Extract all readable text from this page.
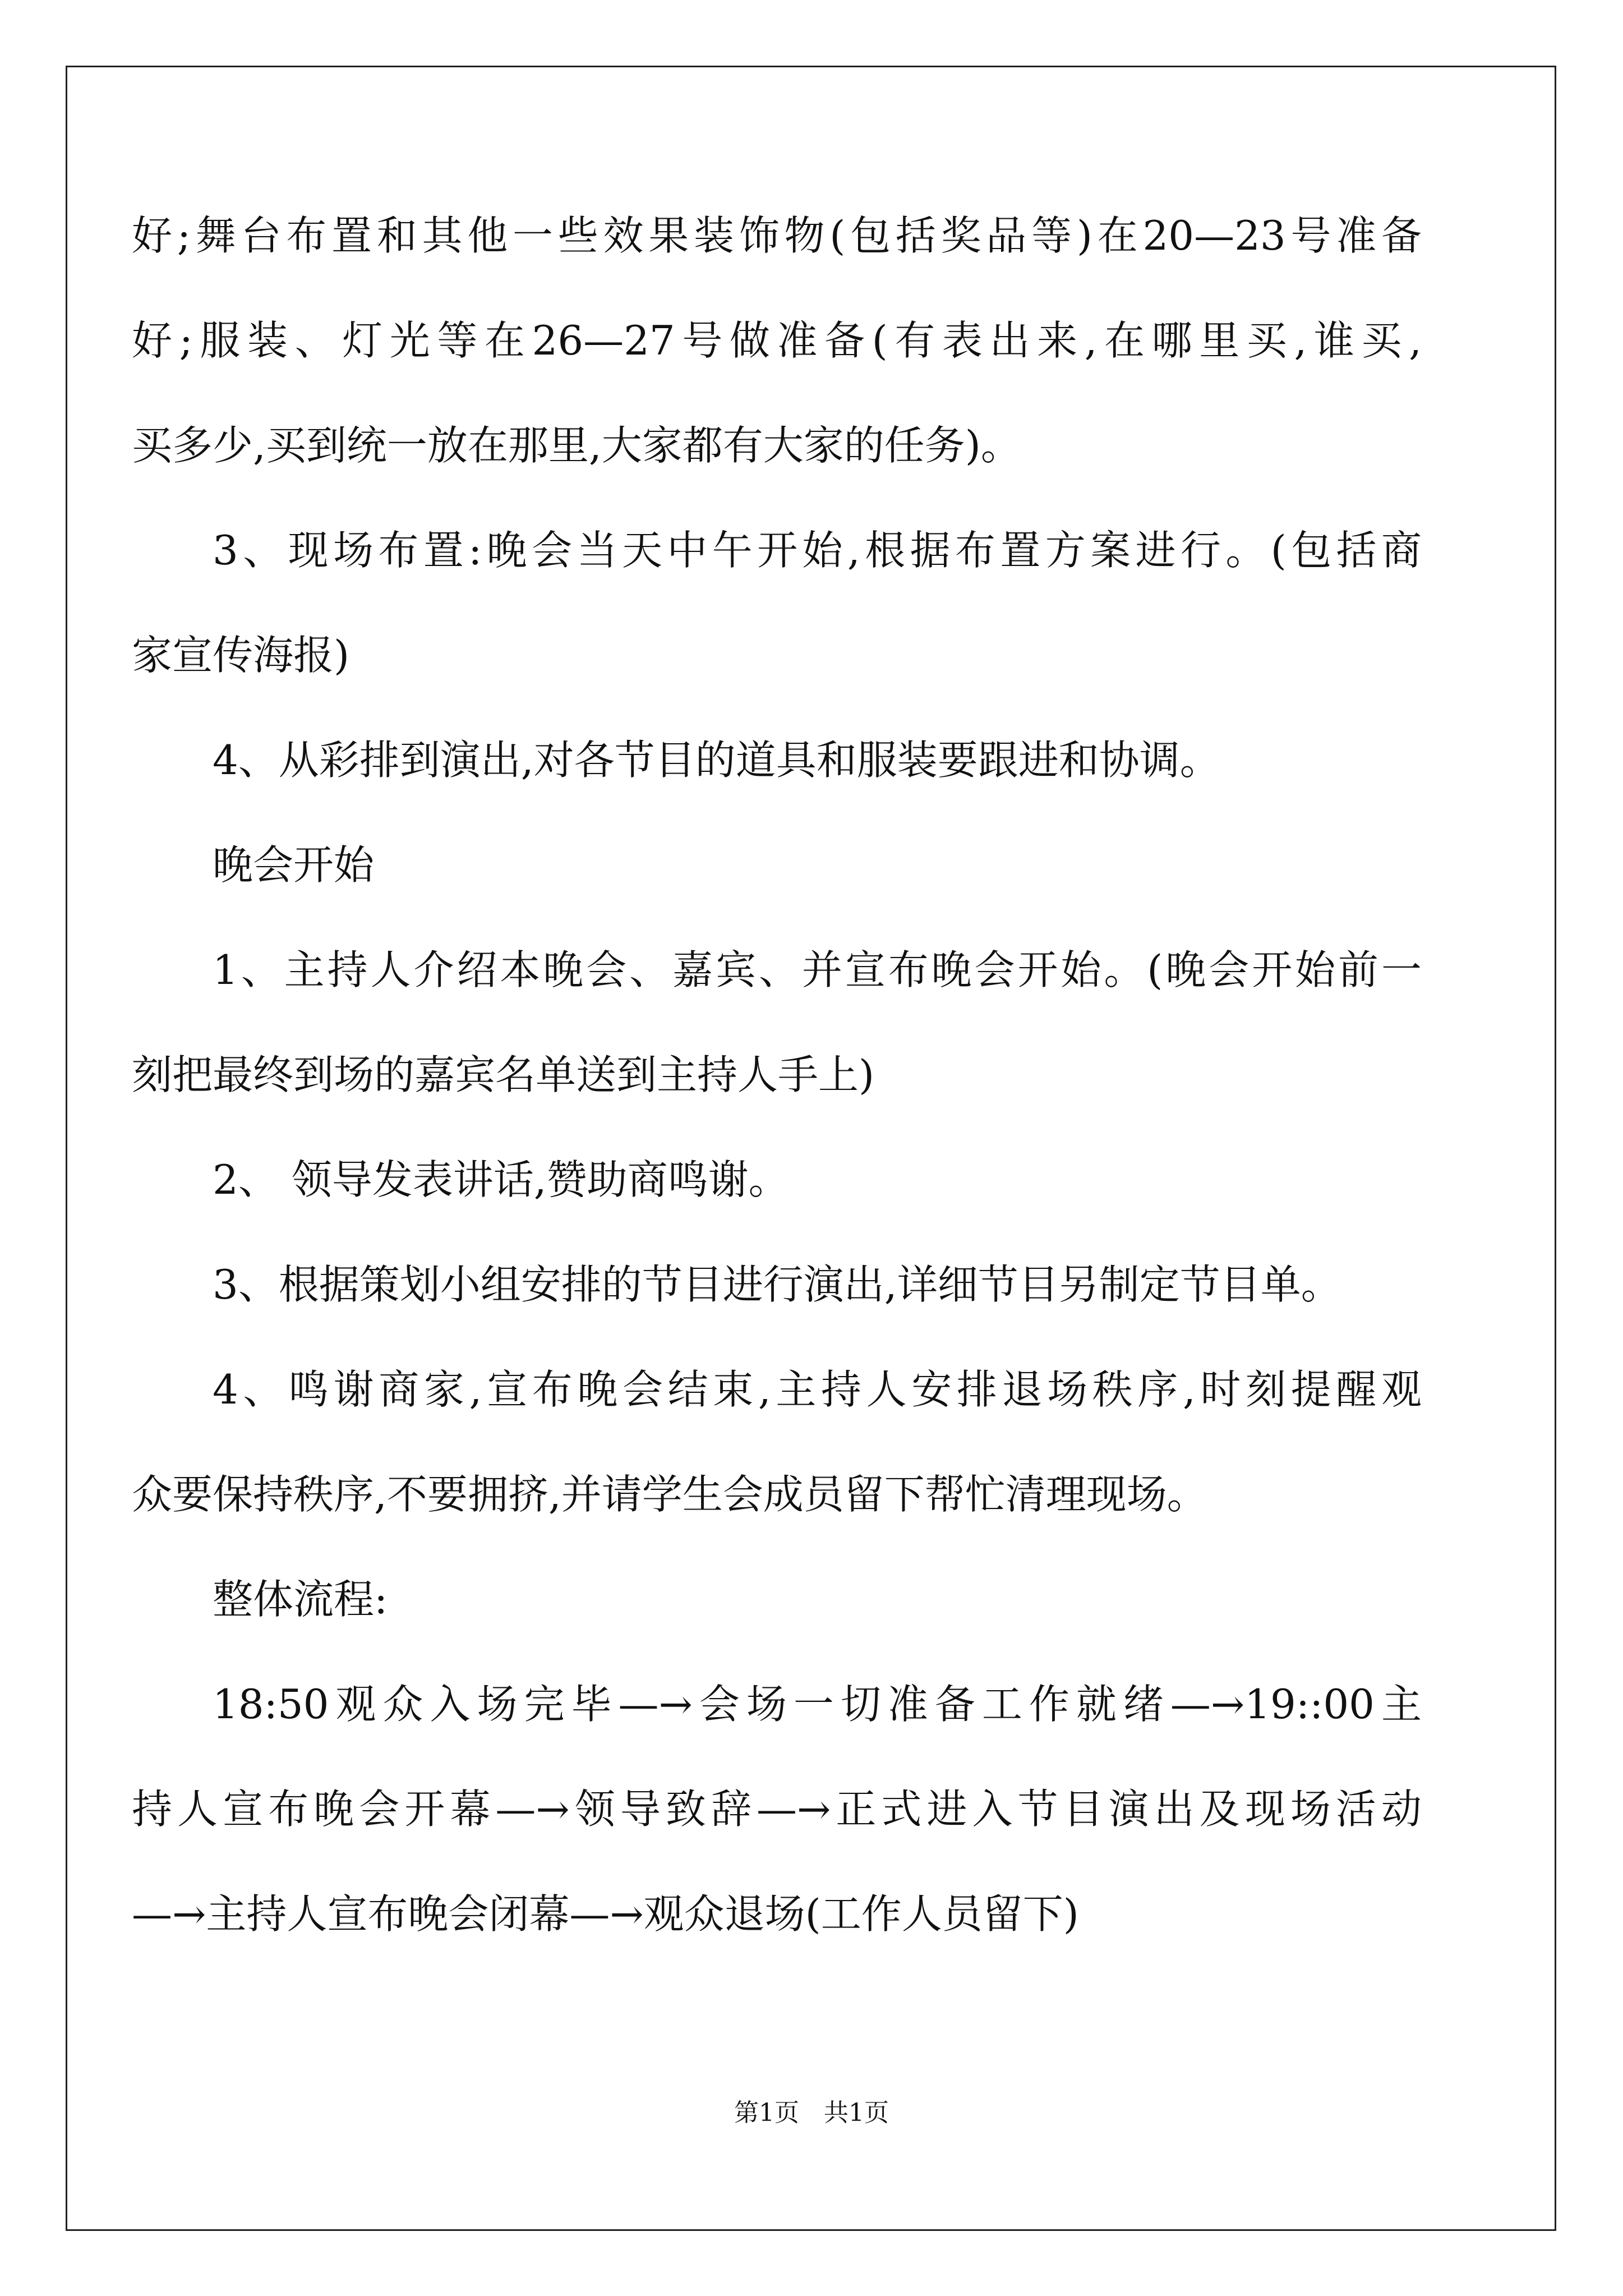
好;舞台布置和其他一些效果装饰物(包括奖品等)在20—23号准备
好;服装、灯光等在26—27号做准备(有表出来,在哪里买,谁买,
买多少,买到统一放在那里,大家都有大家的任务)。
3、现场布置:晚会当天中午开始,根据布置方案进行。(包括商
家宣传海报)
4、从彩排到演出,对各节目的道具和服装要跟进和协调。
晚会开始
1、主持人介绍本晚会、嘉宾、并宣布晚会开始。(晚会开始前一
刻把最终到场的嘉宾名单送到主持人手上)
2、 领导发表讲话,赞助商鸣谢。
3、根据策划小组安排的节目进行演出,详细节目另制定节目单。
4、鸣谢商家,宣布晚会结束,主持人安排退场秩序,时刻提醒观
众要保持秩序,不要拥挤,并请学生会成员留下帮忙清理现场。
整体流程:
18:50观众入场完毕—→会场一切准备工作就绪—→19::00主
持人宣布晚会开幕—→领导致辞—→正式进入节目演出及现场活动
—→主持人宣布晚会闭幕—→观众退场(工作人员留下)
第1页　共1页
